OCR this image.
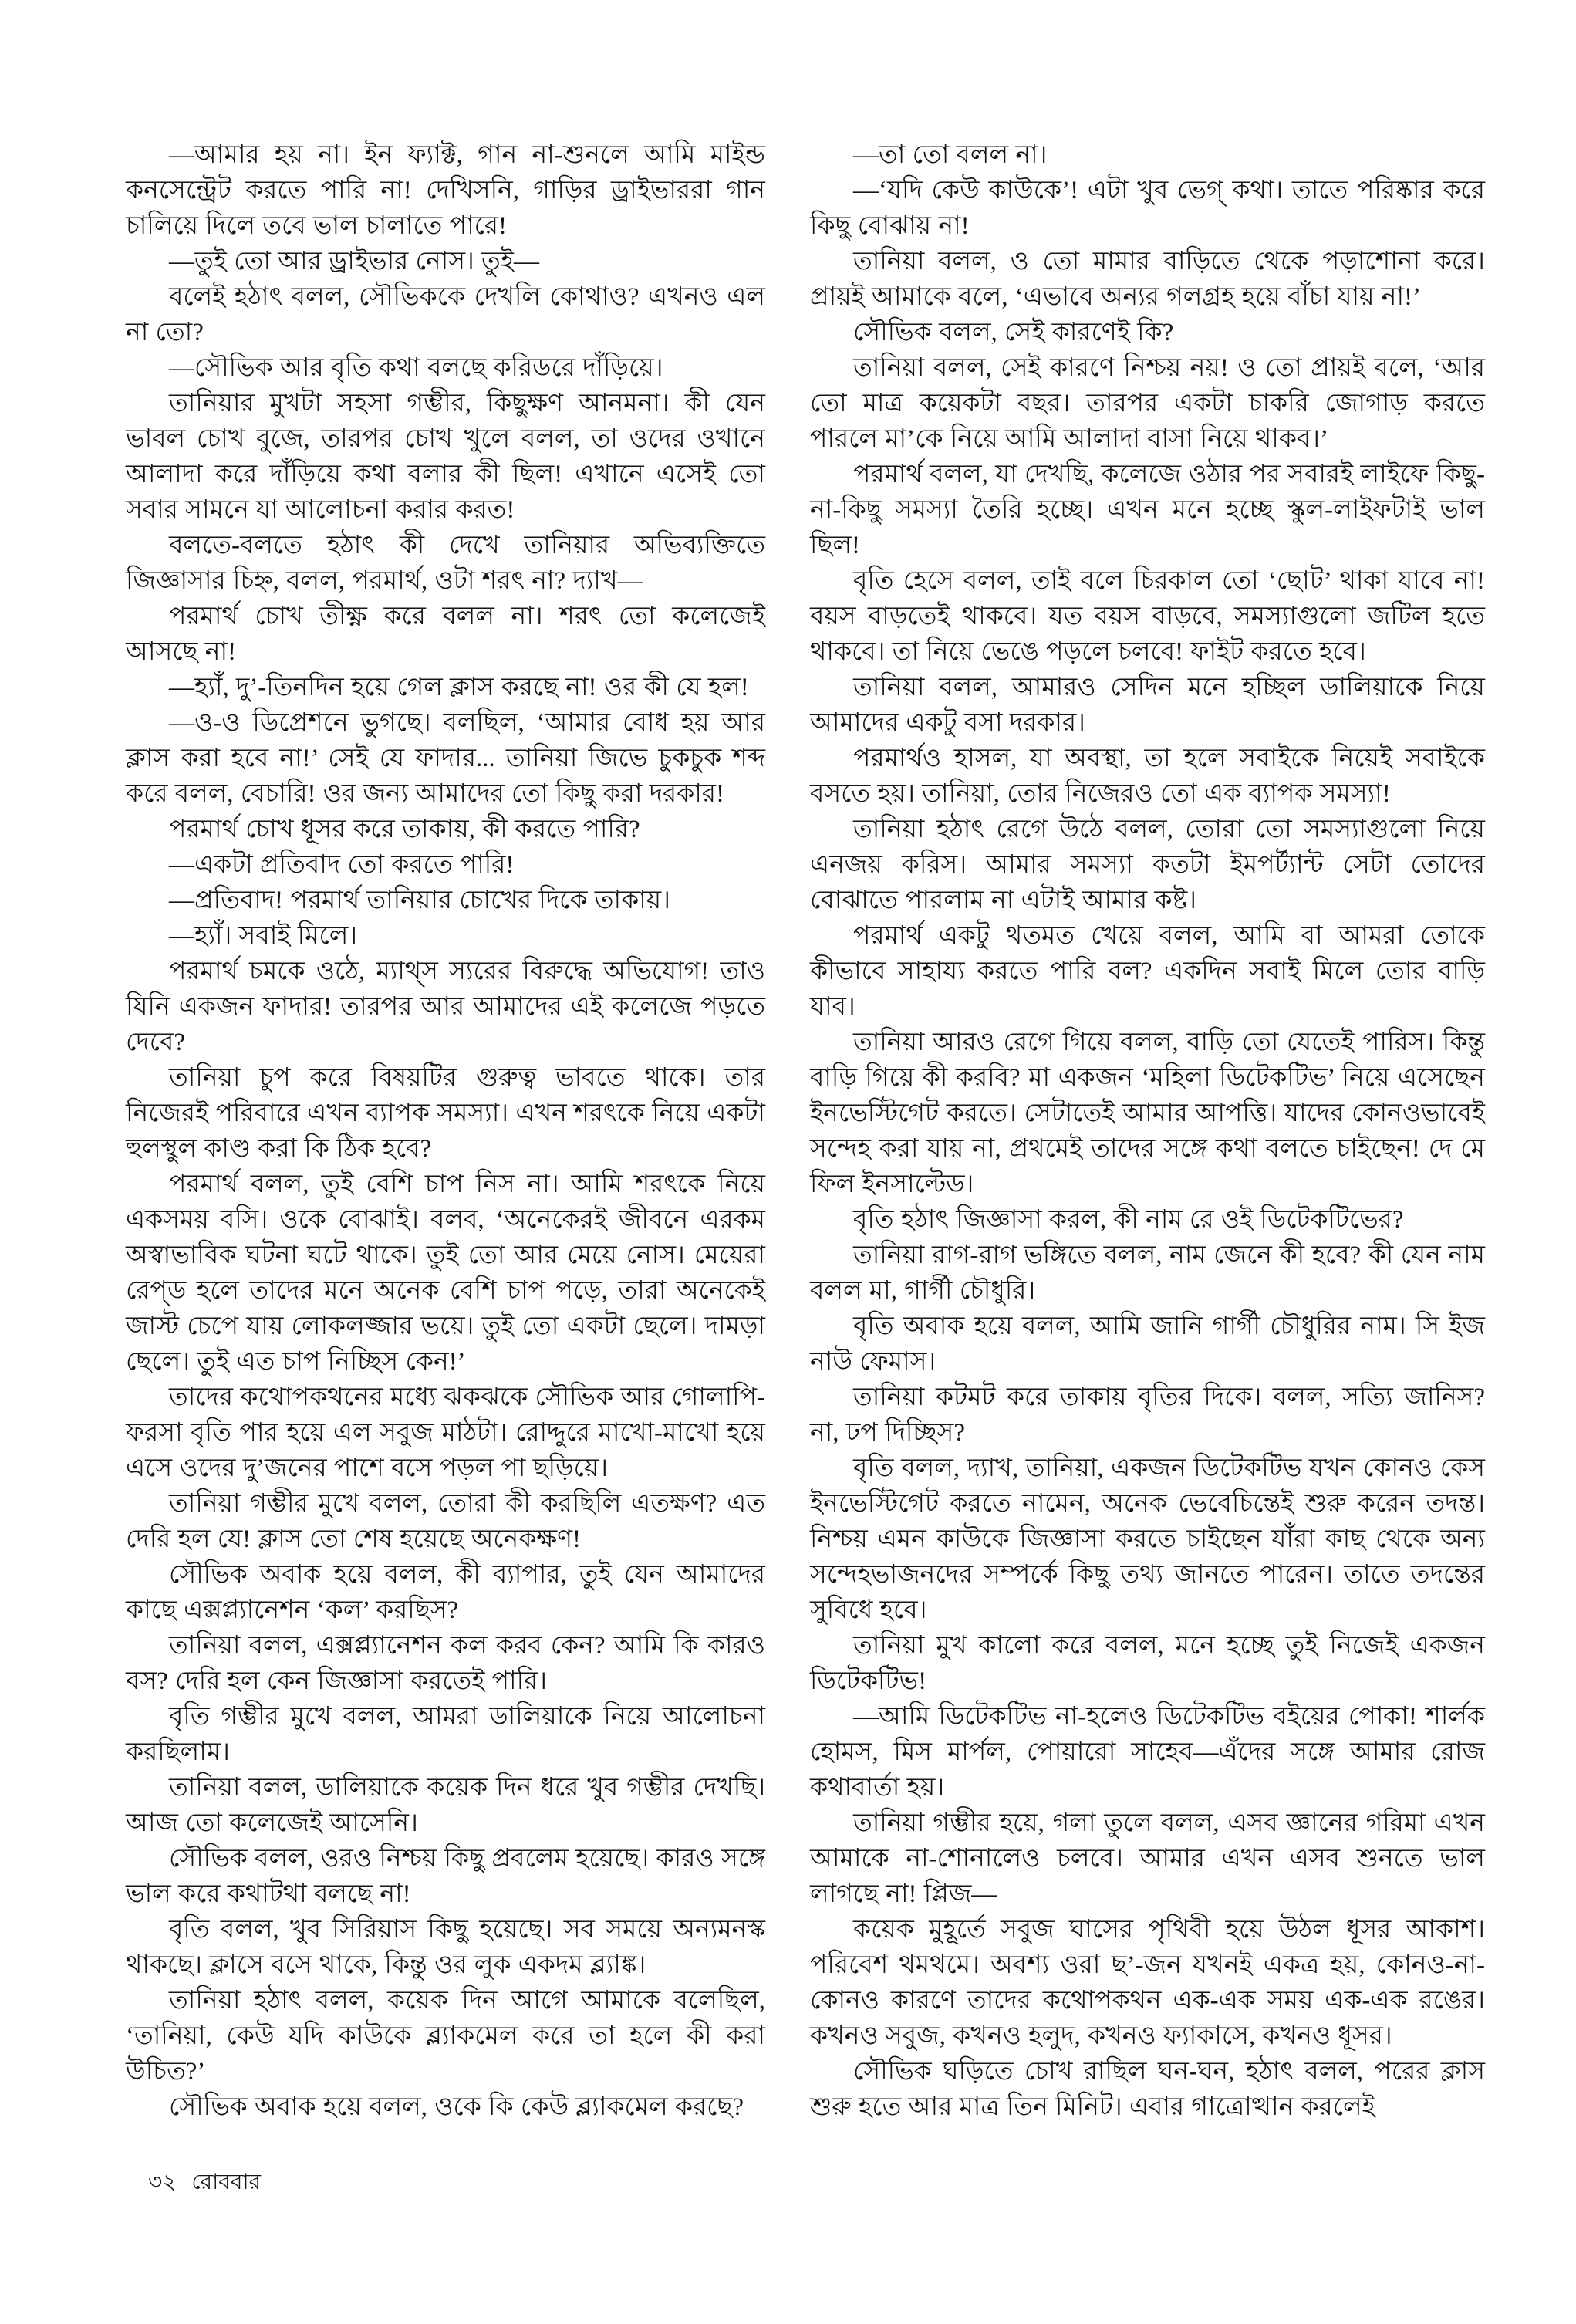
—আমার হয় না। ইন ফ্যাক্ট, গান না-শুনলে আমি মাইন্ড কনসেন্ট্রেট করতে পারি না! দেখিসনি, গাড়ির ড্রাইভাররা গান চালিয়ে দিলে তবে ভাল চালাতে পারে!

—তুই তো আর ড্রাইভার নোস। তুই—

বলেই হঠাৎ বলল, সৌভিককে দেখলি কোথাও? এখনও এল না তো?

—সৌভিক আর বৃতি কথা বলছে করিডরে দাঁড়িয়ে।

তানিয়ার মুখটা সহসা গম্ভীর, কিছুক্ষণ আনমনা। কী যেন ভাবল চোখ বুজে, তারপর চোখ খুলে বলল, তা ওদের ওখানে আলাদা করে দাঁড়িয়ে কথা বলার কী ছিল! এখানে এসেই তো সবার সামনে যা আলোচনা করার করত!

বলতে-বলতে হঠাৎ কী দেখে তানিয়ার অভিব্যক্তিতে জিজ্ঞাসার চিহ্ন, বলল, পরমার্থ, ওটা শরৎ না? দ্যাখ—

পরমার্থ চোখ তীক্ষ্ণ করে বলল না। শরৎ তো কলেজেই আসছে না!

—হ্যাঁ, দু’-তিনদিন হয়ে গেল ক্লাস করছে না! ওর কী যে হল!

—ও-ও ডিপ্রেশনে ভুগছে। বলছিল, ‘আমার বোধ হয় আর ক্লাস করা হবে না!’ সেই যে ফাদার... তানিয়া জিভে চুকচুক শব্দ করে বলল, বেচারি! ওর জন্য আমাদের তো কিছু করা দরকার!

পরমার্থ চোখ ধূসর করে তাকায়, কী করতে পারি?

—একটা প্রতিবাদ তো করতে পারি!

—প্রতিবাদ! পরমার্থ তানিয়ার চোখের দিকে তাকায়।

—হ্যাঁ। সবাই মিলে।

পরমার্থ চমকে ওঠে, ম্যাথ্‌স স্যরের বিরুদ্ধে অভিযোগ! তাও যিনি একজন ফাদার! তারপর আর আমাদের এই কলেজে পড়তে দেবে?

তানিয়া চুপ করে বিষয়টির গুরুত্ব ভাবতে থাকে। তার নিজেরই পরিবারে এখন ব্যাপক সমস্যা। এখন শরৎকে নিয়ে একটা হুলস্থুল কাণ্ড করা কি ঠিক হবে?

পরমার্থ বলল, তুই বেশি চাপ নিস না। আমি শরৎকে নিয়ে একসময় বসি। ওকে বোঝাই। বলব, ‘অনেকেরই জীবনে এরকম অস্বাভাবিক ঘটনা ঘটে থাকে। তুই তো আর মেয়ে নোস। মেয়েরা রেপ্‌ড হলে তাদের মনে অনেক বেশি চাপ পড়ে, তারা অনেকেই জাস্ট চেপে যায় লোকলজ্জার ভয়ে। তুই তো একটা ছেলে। দামড়া ছেলে। তুই এত চাপ নিচ্ছিস কেন!’

তাদের কথোপকথনের মধ্যে ঝকঝকে সৌভিক আর গোলাপি-ফরসা বৃতি পার হয়ে এল সবুজ মাঠটা। রোদ্দুরে মাখো-মাখো হয়ে এসে ওদের দু’জনের পাশে বসে পড়ল পা ছড়িয়ে।

তানিয়া গম্ভীর মুখে বলল, তোরা কী করছিলি এতক্ষণ? এত দেরি হল যে! ক্লাস তো শেষ হয়েছে অনেকক্ষণ!

সৌভিক অবাক হয়ে বলল, কী ব্যাপার, তুই যেন আমাদের কাছে এক্সপ্ল্যানেশন ‘কল’ করছিস?

তানিয়া বলল, এক্সপ্ল্যানেশন কল করব কেন? আমি কি কারও বস? দেরি হল কেন জিজ্ঞাসা করতেই পারি।

বৃতি গম্ভীর মুখে বলল, আমরা ডালিয়াকে নিয়ে আলোচনা করছিলাম।

তানিয়া বলল, ডালিয়াকে কয়েক দিন ধরে খুব গম্ভীর দেখছি। আজ তো কলেজেই আসেনি।

সৌভিক বলল, ওরও নিশ্চয় কিছু প্রবলেম হয়েছে। কারও সঙ্গে ভাল করে কথাটথা বলছে না!

বৃতি বলল, খুব সিরিয়াস কিছু হয়েছে। সব সময়ে অন্যমনস্ক থাকছে। ক্লাসে বসে থাকে, কিন্তু ওর লুক একদম ব্ল্যাঙ্ক।

তানিয়া হঠাৎ বলল, কয়েক দিন আগে আমাকে বলেছিল, ‘তানিয়া, কেউ যদি কাউকে ব্ল্যাকমেল করে তা হলে কী করা উচিত?’

সৌভিক অবাক হয়ে বলল, ওকে কি কেউ ব্ল্যাকমেল করছে?

—তা তো বলল না।

—‘যদি কেউ কাউকে’! এটা খুব ভেগ্‌ কথা। তাতে পরিষ্কার করে কিছু বোঝায় না!

তানিয়া বলল, ও তো মামার বাড়িতে থেকে পড়াশোনা করে। প্রায়ই আমাকে বলে, ‘এভাবে অন্যর গলগ্রহ হয়ে বাঁচা যায় না!’

সৌভিক বলল, সেই কারণেই কি?

তানিয়া বলল, সেই কারণে নিশ্চয় নয়! ও তো প্রায়ই বলে, ‘আর তো মাত্র কয়েকটা বছর। তারপর একটা চাকরি জোগাড় করতে পারলে মা’কে নিয়ে আমি আলাদা বাসা নিয়ে থাকব।’

পরমার্থ বলল, যা দেখছি, কলেজে ওঠার পর সবারই লাইফে কিছু-না-কিছু সমস্যা তৈরি হচ্ছে। এখন মনে হচ্ছে স্কুল-লাইফটাই ভাল ছিল!

বৃতি হেসে বলল, তাই বলে চিরকাল তো ‘ছোট’ থাকা যাবে না! বয়স বাড়তেই থাকবে। যত বয়স বাড়বে, সমস্যাগুলো জটিল হতে থাকবে। তা নিয়ে ভেঙে পড়লে চলবে! ফাইট করতে হবে।

তানিয়া বলল, আমারও সেদিন মনে হচ্ছিল ডালিয়াকে নিয়ে আমাদের একটু বসা দরকার।

পরমার্থও হাসল, যা অবস্থা, তা হলে সবাইকে নিয়েই সবাইকে বসতে হয়। তানিয়া, তোর নিজেরও তো এক ব্যাপক সমস্যা!

তানিয়া হঠাৎ রেগে উঠে বলল, তোরা তো সমস্যাগুলো নিয়ে এনজয় করিস। আমার সমস্যা কতটা ইমপর্ট্যান্ট সেটা তোদের বোঝাতে পারলাম না এটাই আমার কষ্ট।

পরমার্থ একটু থতমত খেয়ে বলল, আমি বা আমরা তোকে কীভাবে সাহায্য করতে পারি বল? একদিন সবাই মিলে তোর বাড়ি যাব।

তানিয়া আরও রেগে গিয়ে বলল, বাড়ি তো যেতেই পারিস। কিন্তু বাড়ি গিয়ে কী করবি? মা একজন ‘মহিলা ডিটেকটিভ’ নিয়ে এসেছেন ইনভেস্টিগেট করতে। সেটাতেই আমার আপত্তি। যাদের কোনওভাবেই সন্দেহ করা যায় না, প্রথমেই তাদের সঙ্গে কথা বলতে চাইছেন! দে মে ফিল ইনসাল্টেড।

বৃতি হঠাৎ জিজ্ঞাসা করল, কী নাম রে ওই ডিটেকটিভের?

তানিয়া রাগ-রাগ ভঙ্গিতে বলল, নাম জেনে কী হবে? কী যেন নাম বলল মা, গার্গী চৌধুরি।

বৃতি অবাক হয়ে বলল, আমি জানি গার্গী চৌধুরির নাম। সি ইজ নাউ ফেমাস।

তানিয়া কটমট করে তাকায় বৃতির দিকে। বলল, সত্যি জানিস? না, ঢপ দিচ্ছিস?

বৃতি বলল, দ্যাখ, তানিয়া, একজন ডিটেকটিভ যখন কোনও কেস ইনভেস্টিগেট করতে নামেন, অনেক ভেবেচিন্তেই শুরু করেন তদন্ত। নিশ্চয় এমন কাউকে জিজ্ঞাসা করতে চাইছেন যাঁরা কাছ থেকে অন্য সন্দেহভাজনদের সম্পর্কে কিছু তথ্য জানতে পারেন। তাতে তদন্তের সুবিধে হবে।

তানিয়া মুখ কালো করে বলল, মনে হচ্ছে তুই নিজেই একজন ডিটেকটিভ!

—আমি ডিটেকটিভ না-হলেও ডিটেকটিভ বইয়ের পোকা! শার্লক হোমস, মিস মার্পল, পোয়ারো সাহেব—এঁদের সঙ্গে আমার রোজ কথাবার্তা হয়।

তানিয়া গম্ভীর হয়ে, গলা তুলে বলল, এসব জ্ঞানের গরিমা এখন আমাকে না-শোনালেও চলবে। আমার এখন এসব শুনতে ভাল লাগছে না! প্লিজ—

কয়েক মুহূর্তে সবুজ ঘাসের পৃথিবী হয়ে উঠল ধূসর আকাশ। পরিবেশ থমথমে। অবশ্য ওরা ছ’-জন যখনই একত্র হয়, কোনও-না-কোনও কারণে তাদের কথোপকথন এক-এক সময় এক-এক রঙের। কখনও সবুজ, কখনও হলুদ, কখনও ফ্যাকাসে, কখনও ধূসর।

সৌভিক ঘড়িতে চোখ রাছিল ঘন-ঘন, হঠাৎ বলল, পরের ক্লাস শুরু হতে আর মাত্র তিন মিনিট। এবার গাত্রোত্থান করলেই

৩২ রোববার
